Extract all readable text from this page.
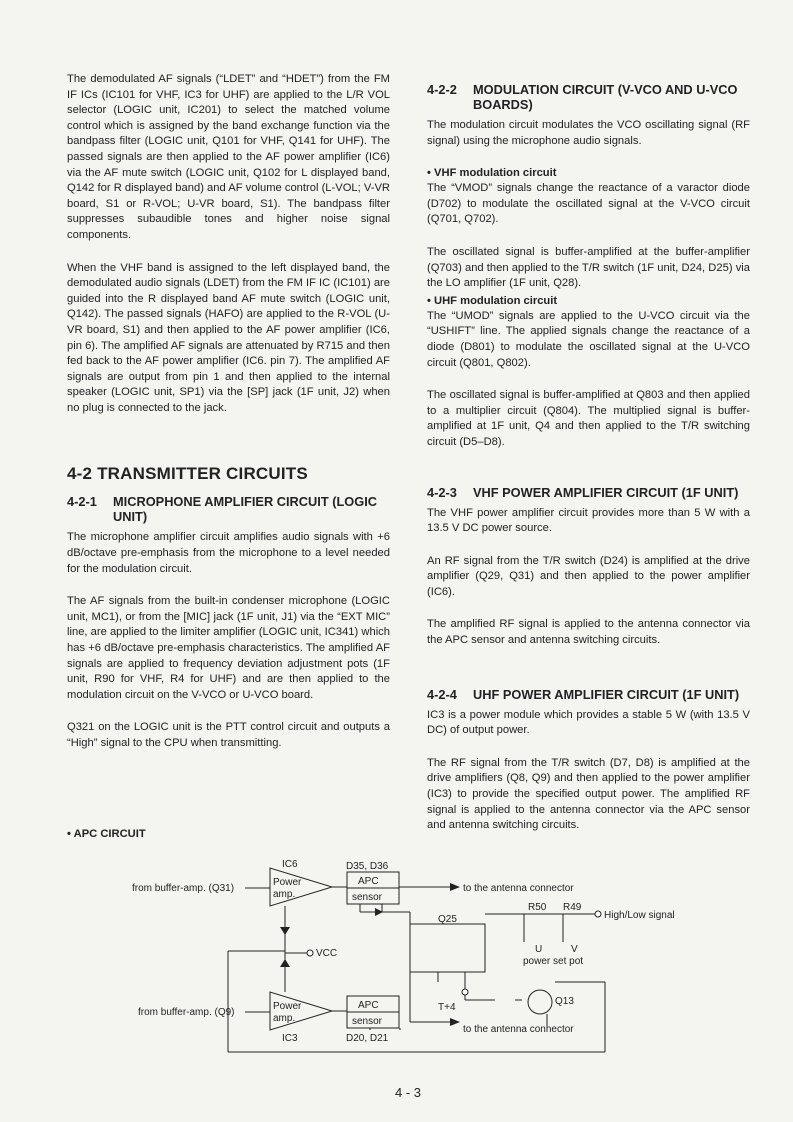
The demodulated AF signals (“LDET” and “HDET”) from the FM IF ICs (IC101 for VHF, IC3 for UHF) are applied to the L/R VOL selector (LOGIC unit, IC201) to select the matched volume control which is assigned by the band exchange function via the bandpass filter (LOGIC unit, Q101 for VHF, Q141 for UHF). The passed signals are then applied to the AF power amplifier (IC6) via the AF mute switch (LOGIC unit, Q102 for L displayed band, Q142 for R displayed band) and AF volume control (L-VOL; V-VR board, S1 or R-VOL; U-VR board, S1). The bandpass filter suppresses subaudible tones and higher noise signal components.

When the VHF band is assigned to the left displayed band, the demodulated audio signals (LDET) from the FM IF IC (IC101) are guided into the R displayed band AF mute switch (LOGIC unit, Q142). The passed signals (HAFO) are applied to the R-VOL (U-VR board, S1) and then applied to the AF power amplifier (IC6, pin 6). The amplified AF signals are attenuated by R715 and then fed back to the AF power amplifier (IC6. pin 7). The amplified AF signals are output from pin 1 and then applied to the internal speaker (LOGIC unit, SP1) via the [SP] jack (1F unit, J2) when no plug is connected to the jack.

4-2 TRANSMITTER CIRCUITS
4-2-1	MICROPHONE AMPLIFIER CIRCUIT (LOGIC UNIT)

The microphone amplifier circuit amplifies audio signals with +6 dB/octave pre-emphasis from the microphone to a level needed for the modulation circuit.

The AF signals from the built-in condenser microphone (LOGIC unit, MC1), or from the [MIC] jack (1F unit, J1) via the “EXT MIC” line, are applied to the limiter amplifier (LOGIC unit, IC341) which has +6 dB/octave pre-emphasis characteristics. The amplified AF signals are applied to frequency deviation adjustment pots (1F unit, R90 for VHF, R4 for UHF) and are then applied to the modulation circuit on the V-VCO or U-VCO board.

Q321 on the LOGIC unit is the PTT control circuit and outputs a “High” signal to the CPU when transmitting.

• APC CIRCUIT
4-2-2	MODULATION CIRCUIT (V-VCO AND U-VCO BOARDS)

The modulation circuit modulates the VCO oscillating signal (RF signal) using the microphone audio signals.

• VHF modulation circuit

The “VMOD” signals change the reactance of a varactor diode (D702) to modulate the oscillated signal at the V-VCO circuit (Q701, Q702).

The oscillated signal is buffer-amplified at the buffer-amplifier (Q703) and then applied to the T/R switch (1F unit, D24, D25) via the LO amplifier (1F unit, Q28).

• UHF modulation circuit

The “UMOD” signals are applied to the U-VCO circuit via the “USHIFT” line. The applied signals change the reactance of a diode (D801) to modulate the oscillated signal at the U-VCO circuit (Q801, Q802).

The oscillated signal is buffer-amplified at Q803 and then applied to a multiplier circuit (Q804). The multiplied signal is buffer-amplified at 1F unit, Q4 and then applied to the T/R switching circuit (D5–D8).

4-2-3	VHF POWER AMPLIFIER CIRCUIT (1F UNIT)

The VHF power amplifier circuit provides more than 5 W with a 13.5 V DC power source.

An RF signal from the T/R switch (D24) is amplified at the drive amplifier (Q29, Q31) and then applied to the power amplifier (IC6).

The amplified RF signal is applied to the antenna connector via the APC sensor and antenna switching circuits.

4-2-4	UHF POWER AMPLIFIER CIRCUIT (1F UNIT)

IC3 is a power module which provides a stable 5 W (with 13.5 V DC) of output power.

The RF signal from the T/R switch (D7, D8) is amplified at the drive amplifiers (Q8, Q9) and then applied to the power amplifier (IC3) to provide the specified output power. The amplified RF signal is applied to the antenna connector via the APC sensor and antenna switching circuits.

IC6	D35, D36
Power
amp.
APC
sensor
from buffer-amp. (Q31)	to the antenna connector
R50 R49
High/Low signal
Q25
U	V
power set pot
VCC
T+4
Q13
from buffer-amp. (Q9)
Power
amp.
APC
sensor
IC3	D20, D21
to the antenna connector
4 - 3
